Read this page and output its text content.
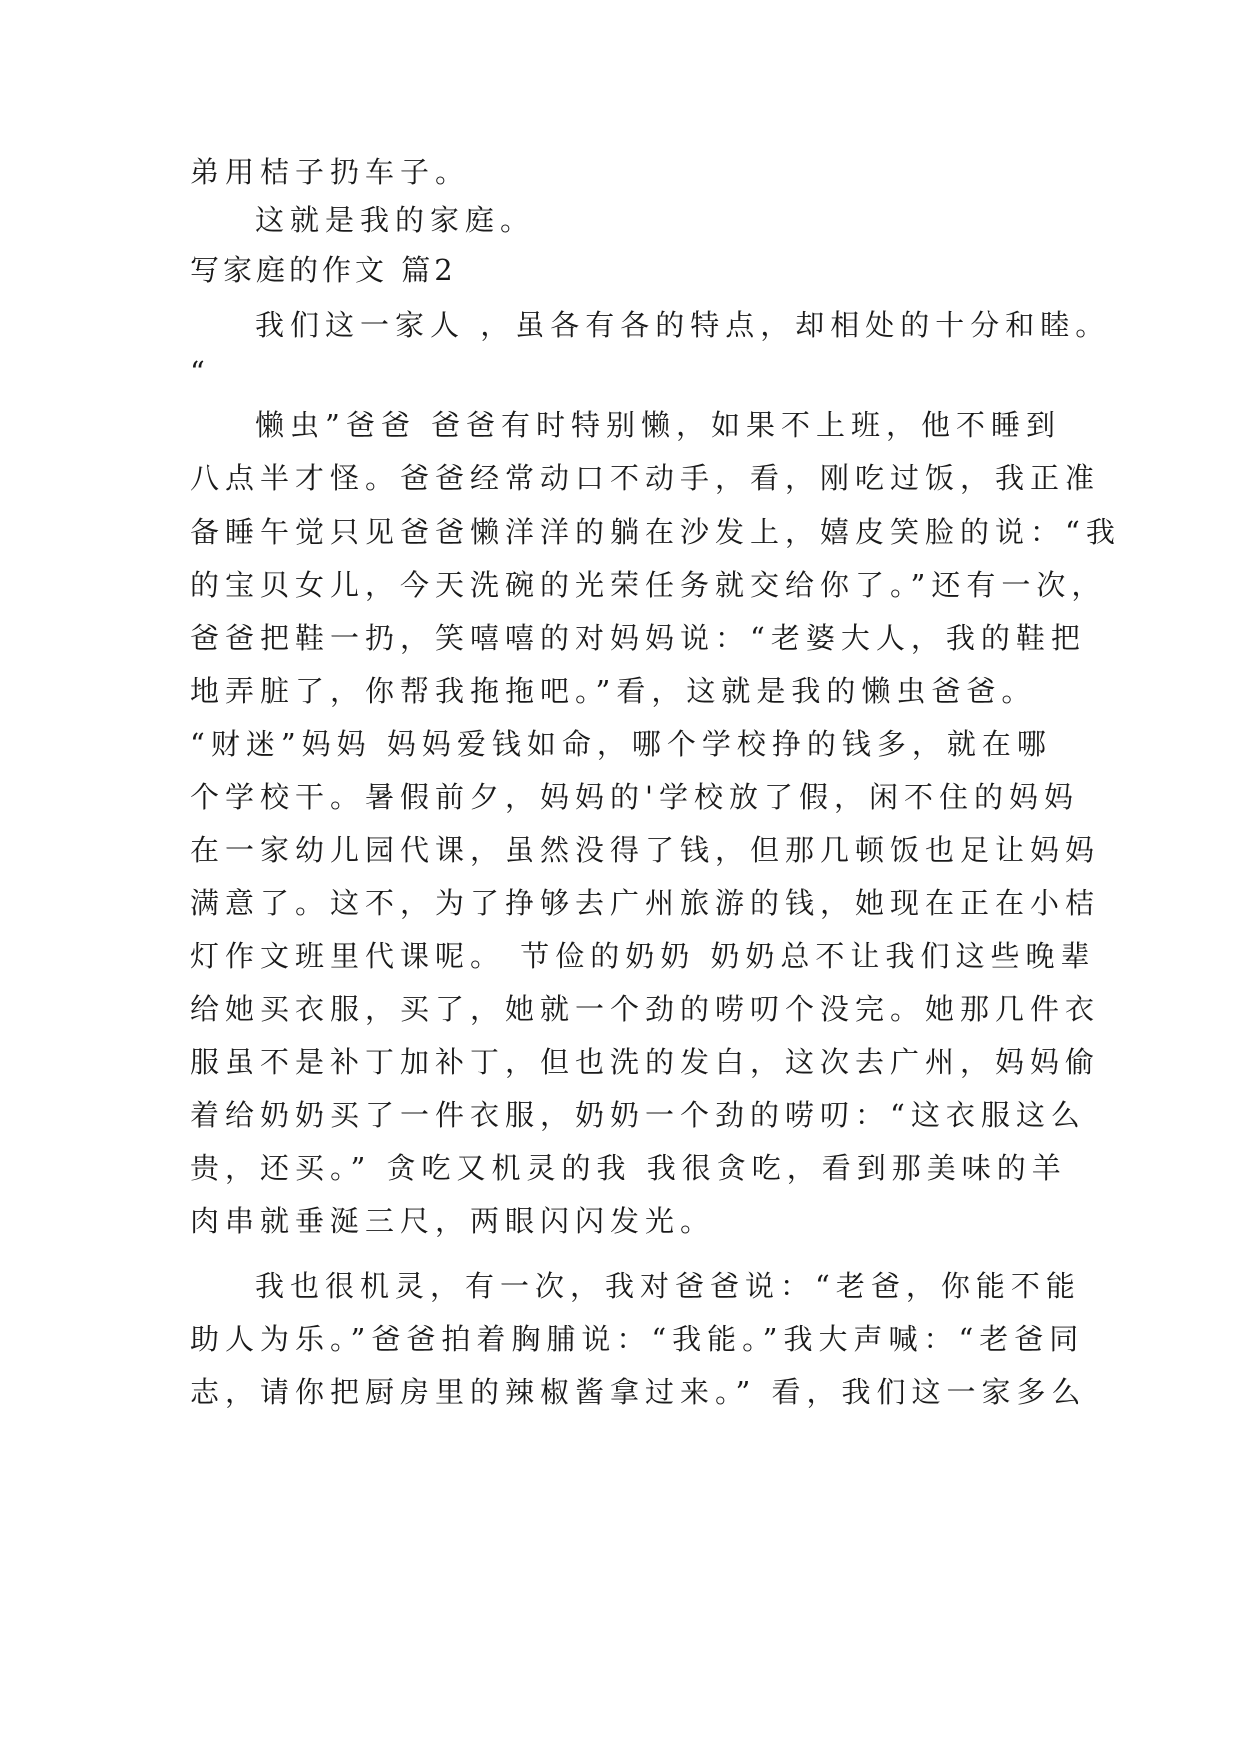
弟用桔子扔车子。
这就是我的家庭。
写家庭的作文 篇2
我们这一家人 ，虽各有各的特点，却相处的十分和睦。
“
懒虫”爸爸 爸爸有时特别懒，如果不上班，他不睡到
八点半才怪。爸爸经常动口不动手，看，刚吃过饭，我正准
备睡午觉只见爸爸懒洋洋的躺在沙发上，嬉皮笑脸的说：“我
的宝贝女儿，今天洗碗的光荣任务就交给你了。”还有一次，
爸爸把鞋一扔，笑嘻嘻的对妈妈说：“老婆大人，我的鞋把
地弄脏了，你帮我拖拖吧。”看，这就是我的懒虫爸爸。
“财迷”妈妈 妈妈爱钱如命，哪个学校挣的钱多，就在哪
个学校干。暑假前夕，妈妈的'学校放了假，闲不住的妈妈
在一家幼儿园代课，虽然没得了钱，但那几顿饭也足让妈妈
满意了。这不，为了挣够去广州旅游的钱，她现在正在小桔
灯作文班里代课呢。 节俭的奶奶 奶奶总不让我们这些晚辈
给她买衣服，买了，她就一个劲的唠叨个没完。她那几件衣
服虽不是补丁加补丁，但也洗的发白，这次去广州，妈妈偷
着给奶奶买了一件衣服，奶奶一个劲的唠叨：“这衣服这么
贵，还买。” 贪吃又机灵的我 我很贪吃，看到那美味的羊
肉串就垂涎三尺，两眼闪闪发光。
我也很机灵，有一次，我对爸爸说：“老爸，你能不能
助人为乐。”爸爸拍着胸脯说：“我能。”我大声喊：“老爸同
志，请你把厨房里的辣椒酱拿过来。” 看，我们这一家多么
